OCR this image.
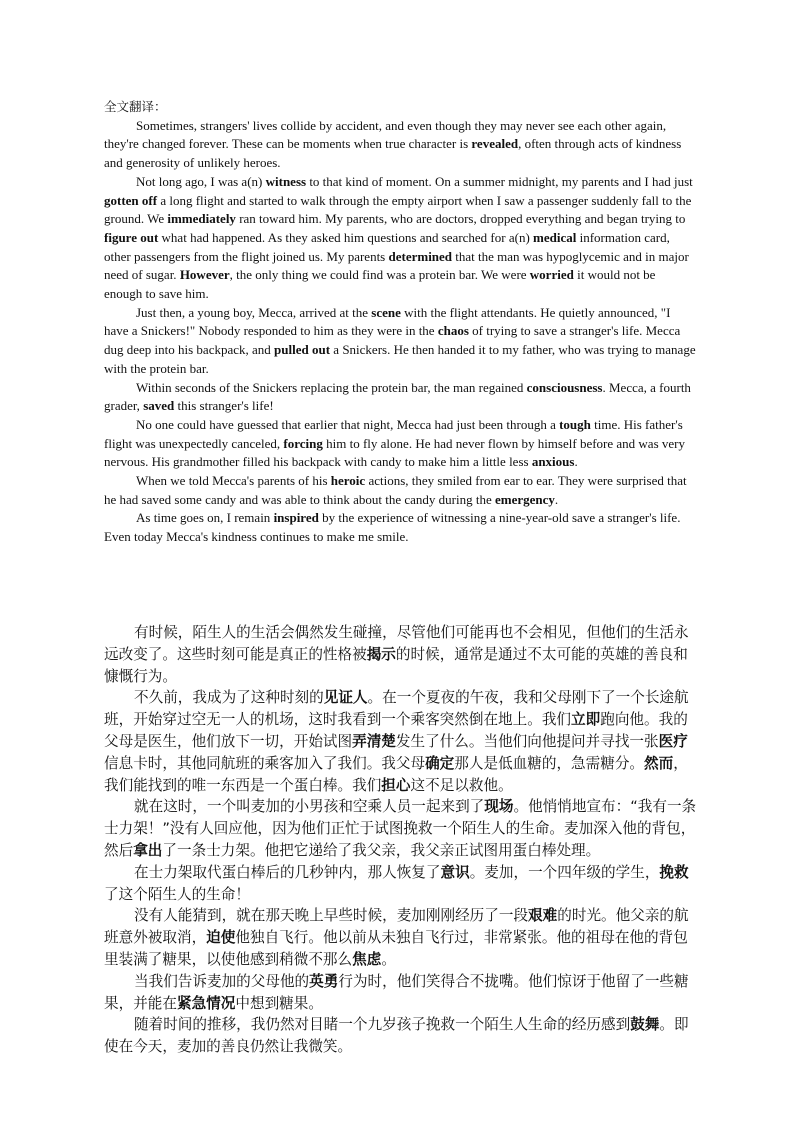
全文翻译：

Sometimes, strangers' lives collide by accident, and even though they may never see each other again, they're changed forever. These can be moments when true character is revealed, often through acts of kindness and generosity of unlikely heroes.

Not long ago, I was a(n) witness to that kind of moment. On a summer midnight, my parents and I had just gotten off a long flight and started to walk through the empty airport when I saw a passenger suddenly fall to the ground. We immediately ran toward him. My parents, who are doctors, dropped everything and began trying to figure out what had happened. As they asked him questions and searched for a(n) medical information card, other passengers from the flight joined us. My parents determined that the man was hypoglycemic and in major need of sugar. However, the only thing we could find was a protein bar. We were worried it would not be enough to save him.

Just then, a young boy, Mecca, arrived at the scene with the flight attendants. He quietly announced, "I have a Snickers!" Nobody responded to him as they were in the chaos of trying to save a stranger's life. Mecca dug deep into his backpack, and pulled out a Snickers. He then handed it to my father, who was trying to manage with the protein bar.

Within seconds of the Snickers replacing the protein bar, the man regained consciousness. Mecca, a fourth grader, saved this stranger's life!

No one could have guessed that earlier that night, Mecca had just been through a tough time. His father's flight was unexpectedly canceled, forcing him to fly alone. He had never flown by himself before and was very nervous. His grandmother filled his backpack with candy to make him a little less anxious.

When we told Mecca's parents of his heroic actions, they smiled from ear to ear. They were surprised that he had saved some candy and was able to think about the candy during the emergency.

As time goes on, I remain inspired by the experience of witnessing a nine-year-old save a stranger's life. Even today Mecca's kindness continues to make me smile.

有时候，陌生人的生活会偶然发生碰撞，尽管他们可能再也不会相见，但他们的生活永远改变了。这些时刻可能是真正的性格被揭示的时候，通常是通过不太可能的英雄的善良和慷慨行为。

不久前，我成为了这种时刻的见证人。在一个夏夜的午夜，我和父母刚下了一个长途航班，开始穿过空无一人的机场，这时我看到一个乘客突然倒在地上。我们立即跑向他。我的父母是医生，他们放下一切，开始试图弄清楚发生了什么。当他们向他提问并寻找一张医疗信息卡时，其他同航班的乘客加入了我们。我父母确定那人是低血糖的，急需糖分。然而，我们能找到的唯一东西是一个蛋白棒。我们担心这不足以救他。

就在这时，一个叫麦加的小男孩和空乘人员一起来到了现场。他悄悄地宣布：“我有一条士力架！”没有人回应他，因为他们正忙于试图挽救一个陌生人的生命。麦加深入他的背包，然后拿出了一条士力架。他把它递给了我父亲，我父亲正试图用蛋白棒处理。

在士力架取代蛋白棒后的几秒钟内，那人恢复了意识。麦加，一个四年级的学生，挽救了这个陌生人的生命！

没有人能猜到，就在那天晚上早些时候，麦加刚刚经历了一段艰难的时光。他父亲的航班意外被取消，迫使他独自飞行。他以前从未独自飞行过，非常紧张。他的祖母在他的背包里装满了糖果，以使他感到稍微不那么焦虑。

当我们告诉麦加的父母他的英勇行为时，他们笑得合不拢嘴。他们惊讶于他留了一些糖果，并能在紧急情况中想到糖果。

随着时间的推移，我仍然对目睹一个九岁孩子挽救一个陌生人生命的经历感到鼓舞。即使在今天，麦加的善良仍然让我微笑。
